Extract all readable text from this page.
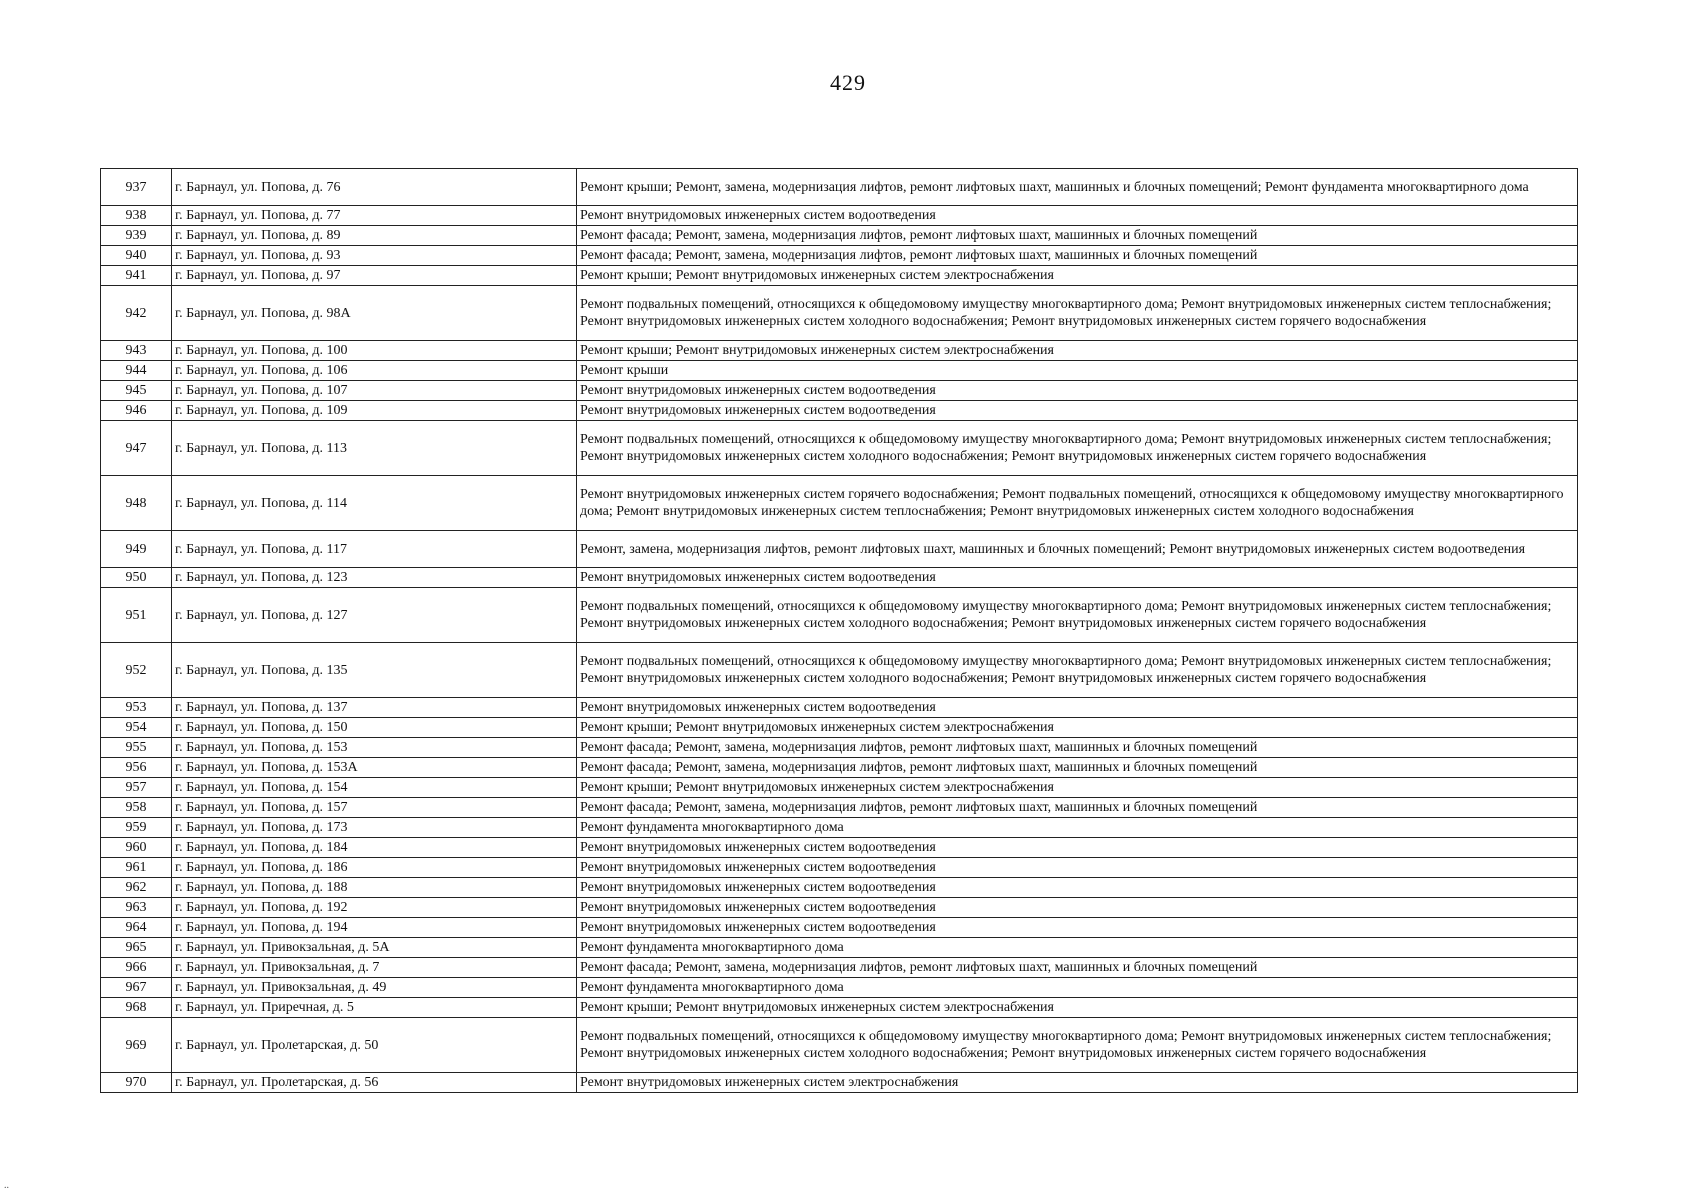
429
937	г. Барнаул, ул. Попова, д. 76	Ремонт крыши; Ремонт, замена, модернизация лифтов, ремонт лифтовых шахт, машинных и блочных помещений; Ремонт фундамента многоквартирного дома
938	г. Барнаул, ул. Попова, д. 77	Ремонт внутридомовых инженерных систем водоотведения
939	г. Барнаул, ул. Попова, д. 89	Ремонт фасада; Ремонт, замена, модернизация лифтов, ремонт лифтовых шахт, машинных и блочных помещений
940	г. Барнаул, ул. Попова, д. 93	Ремонт фасада; Ремонт, замена, модернизация лифтов, ремонт лифтовых шахт, машинных и блочных помещений
941	г. Барнаул, ул. Попова, д. 97	Ремонт крыши; Ремонт внутридомовых инженерных систем электроснабжения
942	г. Барнаул, ул. Попова, д. 98А	Ремонт подвальных помещений, относящихся к общедомовому имуществу многоквартирного дома; Ремонт внутридомовых инженерных систем теплоснабжения; Ремонт внутридомовых инженерных систем холодного водоснабжения; Ремонт внутридомовых инженерных систем горячего водоснабжения
943	г. Барнаул, ул. Попова, д. 100	Ремонт крыши; Ремонт внутридомовых инженерных систем электроснабжения
944	г. Барнаул, ул. Попова, д. 106	Ремонт крыши
945	г. Барнаул, ул. Попова, д. 107	Ремонт внутридомовых инженерных систем водоотведения
946	г. Барнаул, ул. Попова, д. 109	Ремонт внутридомовых инженерных систем водоотведения
947	г. Барнаул, ул. Попова, д. 113	Ремонт подвальных помещений, относящихся к общедомовому имуществу многоквартирного дома; Ремонт внутридомовых инженерных систем теплоснабжения; Ремонт внутридомовых инженерных систем холодного водоснабжения; Ремонт внутридомовых инженерных систем горячего водоснабжения
948	г. Барнаул, ул. Попова, д. 114	Ремонт внутридомовых инженерных систем горячего водоснабжения; Ремонт подвальных помещений, относящихся к общедомовому имуществу многоквартирного дома; Ремонт внутридомовых инженерных систем теплоснабжения; Ремонт внутридомовых инженерных систем холодного водоснабжения
949	г. Барнаул, ул. Попова, д. 117	Ремонт, замена, модернизация лифтов, ремонт лифтовых шахт, машинных и блочных помещений; Ремонт внутридомовых инженерных систем водоотведения
950	г. Барнаул, ул. Попова, д. 123	Ремонт внутридомовых инженерных систем водоотведения
951	г. Барнаул, ул. Попова, д. 127	Ремонт подвальных помещений, относящихся к общедомовому имуществу многоквартирного дома; Ремонт внутридомовых инженерных систем теплоснабжения; Ремонт внутридомовых инженерных систем холодного водоснабжения; Ремонт внутридомовых инженерных систем горячего водоснабжения
952	г. Барнаул, ул. Попова, д. 135	Ремонт подвальных помещений, относящихся к общедомовому имуществу многоквартирного дома; Ремонт внутридомовых инженерных систем теплоснабжения; Ремонт внутридомовых инженерных систем холодного водоснабжения; Ремонт внутридомовых инженерных систем горячего водоснабжения
953	г. Барнаул, ул. Попова, д. 137	Ремонт внутридомовых инженерных систем водоотведения
954	г. Барнаул, ул. Попова, д. 150	Ремонт крыши; Ремонт внутридомовых инженерных систем электроснабжения
955	г. Барнаул, ул. Попова, д. 153	Ремонт фасада; Ремонт, замена, модернизация лифтов, ремонт лифтовых шахт, машинных и блочных помещений
956	г. Барнаул, ул. Попова, д. 153А	Ремонт фасада; Ремонт, замена, модернизация лифтов, ремонт лифтовых шахт, машинных и блочных помещений
957	г. Барнаул, ул. Попова, д. 154	Ремонт крыши; Ремонт внутридомовых инженерных систем электроснабжения
958	г. Барнаул, ул. Попова, д. 157	Ремонт фасада; Ремонт, замена, модернизация лифтов, ремонт лифтовых шахт, машинных и блочных помещений
959	г. Барнаул, ул. Попова, д. 173	Ремонт фундамента многоквартирного дома
960	г. Барнаул, ул. Попова, д. 184	Ремонт внутридомовых инженерных систем водоотведения
961	г. Барнаул, ул. Попова, д. 186	Ремонт внутридомовых инженерных систем водоотведения
962	г. Барнаул, ул. Попова, д. 188	Ремонт внутридомовых инженерных систем водоотведения
963	г. Барнаул, ул. Попова, д. 192	Ремонт внутридомовых инженерных систем водоотведения
964	г. Барнаул, ул. Попова, д. 194	Ремонт внутридомовых инженерных систем водоотведения
965	г. Барнаул, ул. Привокзальная, д. 5А	Ремонт фундамента многоквартирного дома
966	г. Барнаул, ул. Привокзальная, д. 7	Ремонт фасада; Ремонт, замена, модернизация лифтов, ремонт лифтовых шахт, машинных и блочных помещений
967	г. Барнаул, ул. Привокзальная, д. 49	Ремонт фундамента многоквартирного дома
968	г. Барнаул, ул. Приречная, д. 5	Ремонт крыши; Ремонт внутридомовых инженерных систем электроснабжения
969	г. Барнаул, ул. Пролетарская, д. 50	Ремонт подвальных помещений, относящихся к общедомовому имуществу многоквартирного дома; Ремонт внутридомовых инженерных систем теплоснабжения; Ремонт внутридомовых инженерных систем холодного водоснабжения; Ремонт внутридомовых инженерных систем горячего водоснабжения
970	г. Барнаул, ул. Пролетарская, д. 56	Ремонт внутридомовых инженерных систем электроснабжения
..
